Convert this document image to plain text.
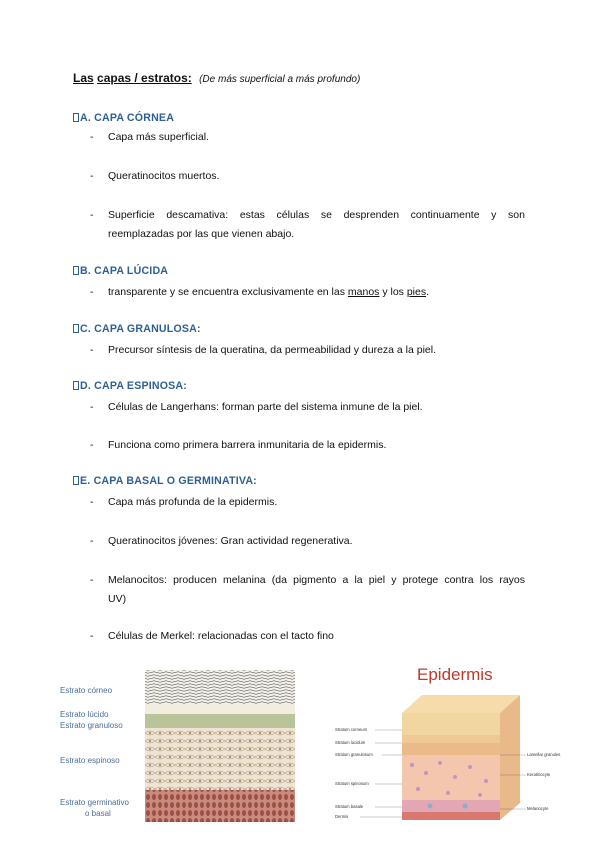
Las capas / estratos: (De más superficial a más profundo)
A. CAPA CÓRNEA
- Capa más superficial.
- Queratinocitos muertos.
- Superficie descamativa: estas células se desprenden continuamente y son
reemplazadas por las que vienen abajo.
B. CAPA LÚCIDA
- transparente y se encuentra exclusivamente en las manos y los pies.
C. CAPA GRANULOSA:
- Precursor síntesis de la queratina, da permeabilidad y dureza a la piel.
D. CAPA ESPINOSA:
- Células de Langerhans: forman parte del sistema inmune de la piel.
- Funciona como primera barrera inmunitaria de la epidermis.
E. CAPA BASAL O GERMINATIVA:
- Capa más profunda de la epidermis.
- Queratinocitos jóvenes: Gran actividad regenerativa.
- Melanocitos: producen melanina (da pigmento a la piel y protege contra los rayos
UV)
- Células de Merkel: relacionadas con el tacto fino
Estrato córneo
Estrato lúcido
Estrato granuloso
Estrato espinoso
Estrato germinativo
o basal
Epidermis
Stratum corneum
Stratum lucidum
Stratum granulosum
Stratum spinosum
Stratum basale
Dermis
Lamellar granules
Keratinocyte
Melanocyte
